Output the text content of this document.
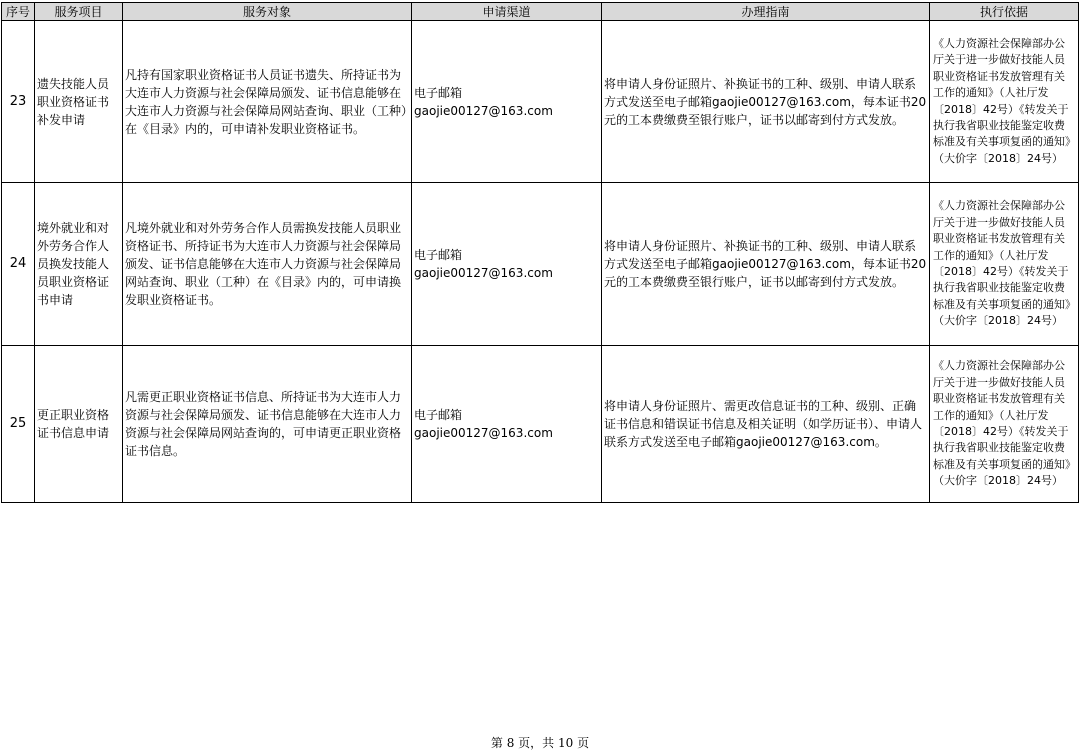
序号	服务项目	服务对象	申请渠道	办理指南	执行依据
23	遗失技能人员职业资格证书补发申请	凡持有国家职业资格证书人员证书遗失、所持证书为大连市人力资源与社会保障局颁发、证书信息能够在大连市人力资源与社会保障局网站查询、职业（工种）在《目录》内的，可申请补发职业资格证书。	电子邮箱gaojie00127@163.com	将申请人身份证照片、补换证书的工种、级别、申请人联系方式发送至电子邮箱gaojie00127@163.com，每本证书20元的工本费缴费至银行账户，证书以邮寄到付方式发放。	《人力资源社会保障部办公厅关于进一步做好技能人员职业资格证书发放管理有关工作的通知》（人社厅发〔2018〕42号）《转发关于执行我省职业技能鉴定收费标准及有关事项复函的通知》（大价字〔2018〕24号）
24	境外就业和对外劳务合作人员换发技能人员职业资格证书申请	凡境外就业和对外劳务合作人员需换发技能人员职业资格证书、所持证书为大连市人力资源与社会保障局颁发、证书信息能够在大连市人力资源与社会保障局网站查询、职业（工种）在《目录》内的，可申请换发职业资格证书。	电子邮箱gaojie00127@163.com	将申请人身份证照片、补换证书的工种、级别、申请人联系方式发送至电子邮箱gaojie00127@163.com，每本证书20元的工本费缴费至银行账户，证书以邮寄到付方式发放。	《人力资源社会保障部办公厅关于进一步做好技能人员职业资格证书发放管理有关工作的通知》（人社厅发〔2018〕42号）《转发关于执行我省职业技能鉴定收费标准及有关事项复函的通知》（大价字〔2018〕24号）
25	更正职业资格证书信息申请	凡需更正职业资格证书信息、所持证书为大连市人力资源与社会保障局颁发、证书信息能够在大连市人力资源与社会保障局网站查询的，可申请更正职业资格证书信息。	电子邮箱gaojie00127@163.com	将申请人身份证照片、需更改信息证书的工种、级别、正确证书信息和错误证书信息及相关证明（如学历证书）、申请人联系方式发送至电子邮箱gaojie00127@163.com。	《人力资源社会保障部办公厅关于进一步做好技能人员职业资格证书发放管理有关工作的通知》（人社厅发〔2018〕42号）《转发关于执行我省职业技能鉴定收费标准及有关事项复函的通知》（大价字〔2018〕24号）
第 8 页，共 10 页
